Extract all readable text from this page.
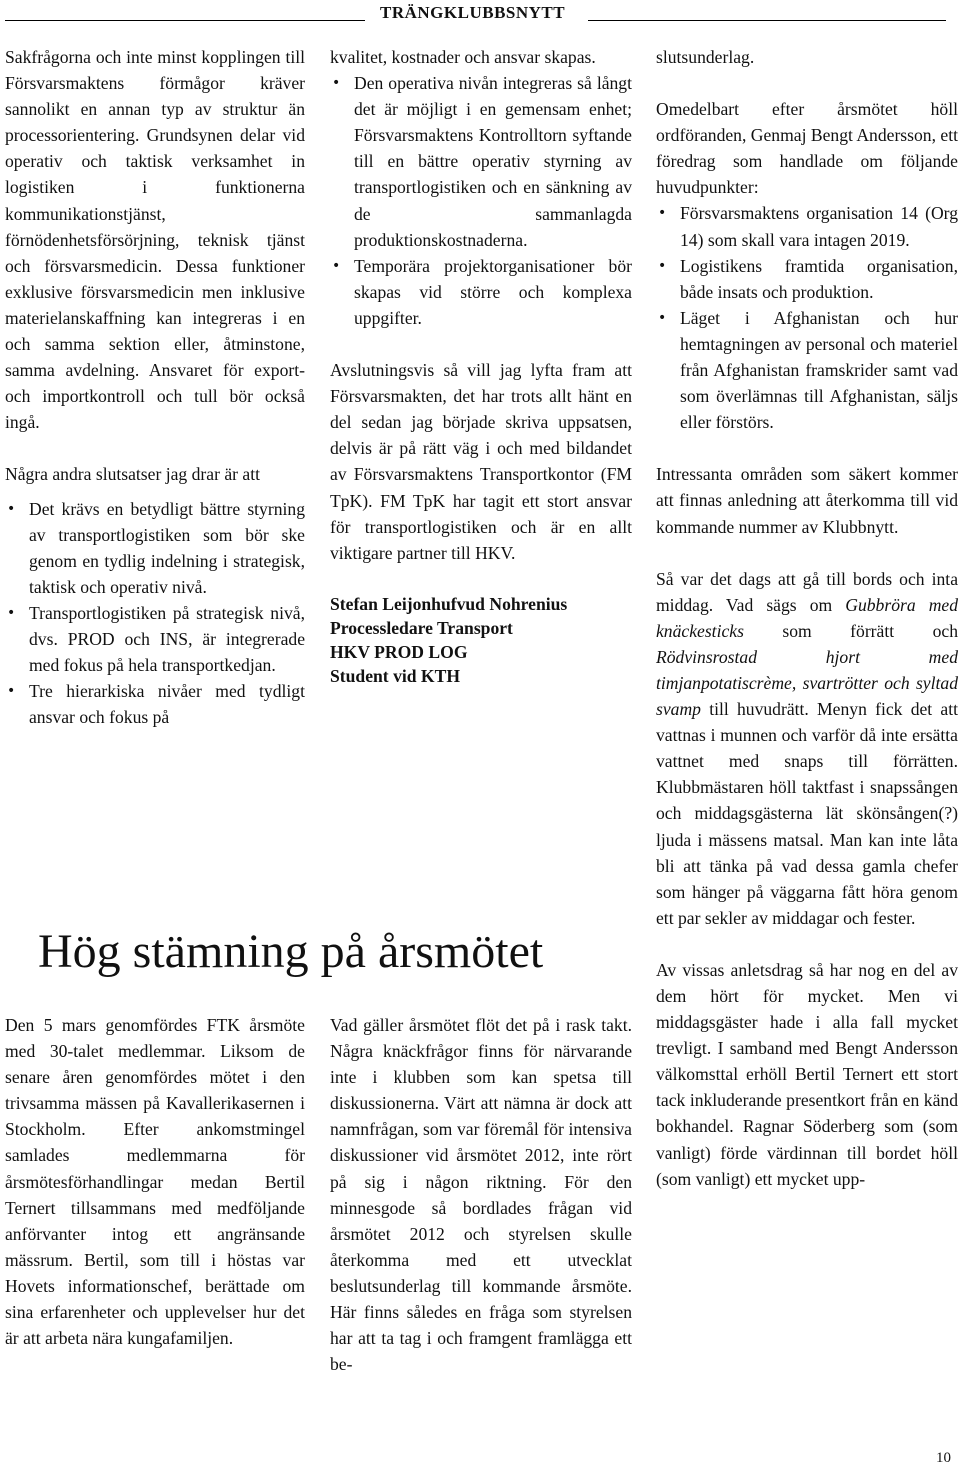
TRÄNGKLUBBSNYTT

Sakfrågorna och inte minst kopplingen till Försvarsmaktens förmågor kräver sannolikt en annan typ av struktur än processorientering. Grundsynen delar vid operativ och taktisk verksamhet in logistiken i funktionerna kommunikationstjänst, förnödenhetsförsörjning, teknisk tjänst och försvarsmedicin. Dessa funktioner exklusive försvarsmedicin men inklusive materielanskaffning kan integreras i en och samma sektion eller, åtminstone, samma avdelning. Ansvaret för export- och importkontroll och tull bör också ingå.

Några andra slutsatser jag drar är att

• Det krävs en betydligt bättre styrning av transportlogistiken som bör ske genom en tydlig indelning i strategisk, taktisk och operativ nivå.
• Transportlogistiken på strategisk nivå, dvs. PROD och INS, är integrerade med fokus på hela transportkedjan.
• Tre hierarkiska nivåer med tydligt ansvar och fokus på

kvalitet, kostnader och ansvar skapas.

• Den operativa nivån integreras så långt det är möjligt i en gemensam enhet; Försvarsmaktens Kontrolltorn syftande till en bättre operativ styrning av transportlogistiken och en sänkning av de sammanlagda produktionskostnaderna.
• Temporära projektorganisationer bör skapas vid större och komplexa uppgifter.

Avslutningsvis så vill jag lyfta fram att Försvarsmakten, det har trots allt hänt en del sedan jag började skriva uppsatsen, delvis är på rätt väg i och med bildandet av Försvarsmaktens Transportkontor (FM TpK). FM TpK har tagit ett stort ansvar för transportlogistiken och är en allt viktigare partner till HKV.

Stefan Leijonhufvud Nohrenius
Processledare Transport
HKV PROD LOG
Student vid KTH

slutsunderlag.

Omedelbart efter årsmötet höll ordföranden, Genmaj Bengt Andersson, ett föredrag som handlade om följande huvudpunkter:

• Försvarsmaktens organisation 14 (Org 14) som skall vara intagen 2019.
• Logistikens framtida organisation, både insats och produktion.
• Läget i Afghanistan och hur hemtagningen av personal och materiel från Afghanistan framskrider samt vad som överlämnas till Afghanistan, säljs eller förstörs.

Intressanta områden som säkert kommer att finnas anledning att återkomma till vid kommande nummer av Klubbnytt.

Så var det dags att gå till bords och inta middag. Vad sägs om Gubbröra med knäckesticks som förrätt och Rödvinsrostad hjort med timjanpotatiscrème, svartrötter och syltad svamp till huvudrätt. Menyn fick det att vattnas i munnen och varför då inte ersätta vattnet med snaps till förrätten. Klubbmästaren höll taktfast i snapssången och middagsgästerna lät skönsången(?) ljuda i mässens matsal. Man kan inte låta bli att tänka på vad dessa gamla chefer som hänger på väggarna fått höra genom ett par sekler av middagar och fester.

Av vissas anletsdrag så har nog en del av dem hört för mycket. Men vi middagsgäster hade i alla fall mycket trevligt. I samband med Bengt Andersson välkomsttal erhöll Bertil Ternert ett stort tack inkluderande presentkort från en känd bokhandel. Ragnar Söderberg som (som vanligt) förde värdinnan till bordet höll (som vanligt) ett mycket upp-

Hög stämning på årsmötet

Den 5 mars genomfördes FTK årsmöte med 30-talet medlemmar. Liksom de senare åren genomfördes mötet i den trivsamma mässen på Kavallerikasernen i Stockholm. Efter ankomstmingel samlades medlemmarna för årsmötesförhandlingar medan Bertil Ternert tillsammans med medföljande anförvanter intog ett angränsande mässrum. Bertil, som till i höstas var Hovets informationschef, berättade om sina erfarenheter och upplevelser hur det är att arbeta nära kungafamiljen.

Vad gäller årsmötet flöt det på i rask takt. Några knäckfrågor finns för närvarande inte i klubben som kan spetsa till diskussionerna. Värt att nämna är dock att namnfrågan, som var föremål för intensiva diskussioner vid årsmötet 2012, inte rört på sig i någon riktning. För den minnesgode så bordlades frågan vid årsmötet 2012 och styrelsen skulle återkomma med ett utvecklat beslutsunderlag till kommande årsmöte. Här finns således en fråga som styrelsen har att ta tag i och framgent framlägga ett be-

10
